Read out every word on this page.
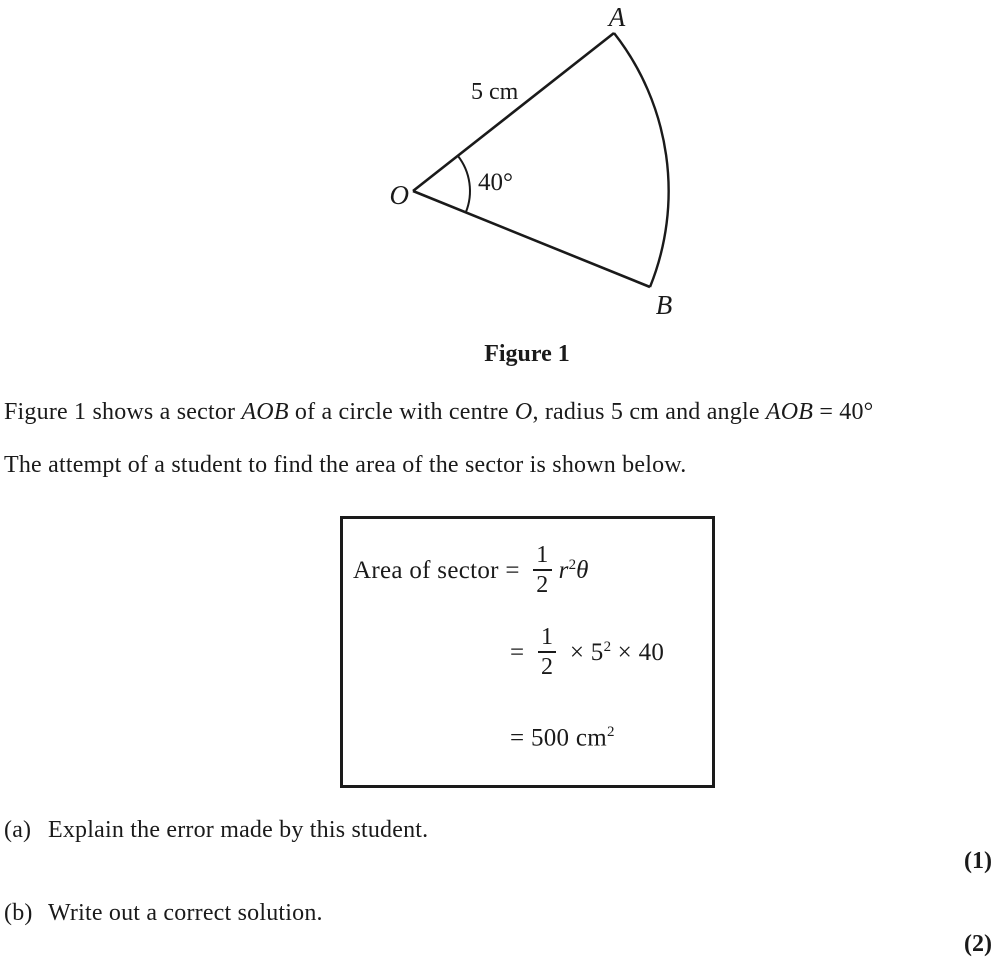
A
B
O
5 cm
40°
Figure 1
Figure 1 shows a sector AOB of a circle with centre O, radius 5 cm and angle AOB = 40°
The attempt of a student to find the area of the sector is shown below.
Area of sector = $\frac{1}{2} r^2\theta$
= $\frac{1}{2} \times 5^2 \times 40$
= 500 $cm^2$
(a) Explain the error made by this student.
(1)
(b) Write out a correct solution.
(2)
